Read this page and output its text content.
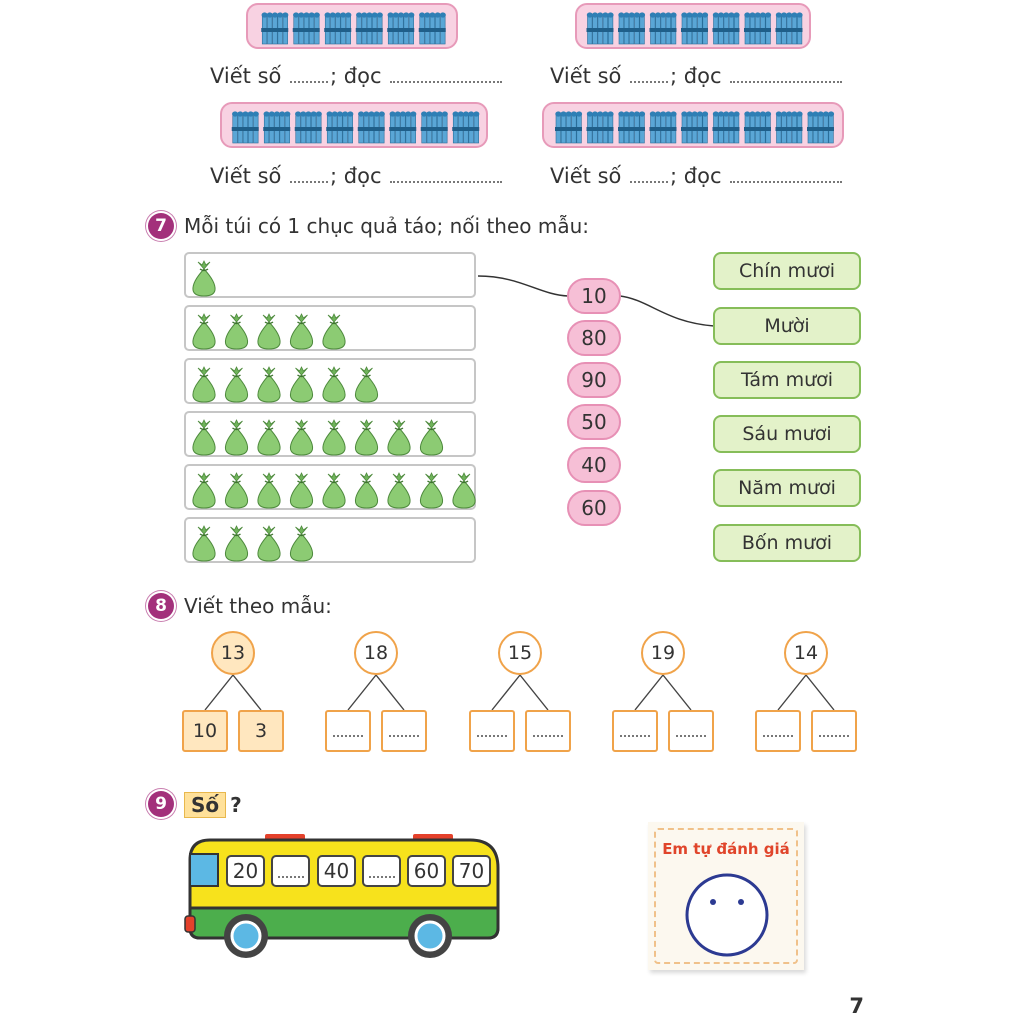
Viết số ; đọc	Viết số ; đọc
Viết số ; đọc	Viết số ; đọc
7 Mỗi túi có 1 chục quả táo; nối theo mẫu:
10
80
90
50
40
60
Chín mươi
Mười
Tám mươi
Sáu mươi
Năm mươi
Bốn mươi
8 Viết theo mẫu:
13
10	3
18	15	19	14
9	Số ?
20	40	60 70
Em tự đánh giá
7
